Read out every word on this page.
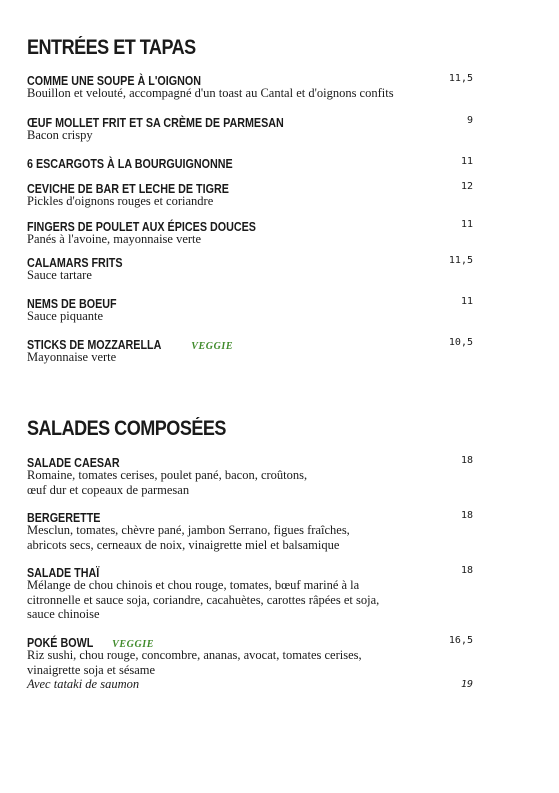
ENTRÉES ET TAPAS
COMME UNE SOUPE À L'OIGNON	11,5
Bouillon et velouté, accompagné d'un toast au Cantal et d'oignons confits
ŒUF MOLLET FRIT ET SA CRÈME DE PARMESAN	9
Bacon crispy
6 ESCARGOTS À LA BOURGUIGNONNE	11
CEVICHE DE BAR ET LECHE DE TIGRE	12
Pickles d'oignons rouges et coriandre
FINGERS DE POULET AUX ÉPICES DOUCES	11
Panés à l'avoine, mayonnaise verte
CALAMARS FRITS	11,5
Sauce tartare
NEMS DE BOEUF	11
Sauce piquante
STICKS DE MOZZARELLA	VEGGIE	10,5
Mayonnaise verte
SALADES COMPOSÉES
SALADE CAESAR	18
Romaine, tomates cerises, poulet pané, bacon, croûtons,
œuf dur et copeaux de parmesan
BERGERETTE	18
Mesclun, tomates, chèvre pané, jambon Serrano, figues fraîches,
abricots secs, cerneaux de noix, vinaigrette miel et balsamique
SALADE THAÏ	18
Mélange de chou chinois et chou rouge, tomates, bœuf mariné à la
citronnelle et sauce soja, coriandre, cacahuètes, carottes râpées et soja,
sauce chinoise
POKÉ BOWL VEGGIE	16,5
Riz sushi, chou rouge, concombre, ananas, avocat, tomates cerises,
vinaigrette soja et sésame
Avec tataki de saumon	19
